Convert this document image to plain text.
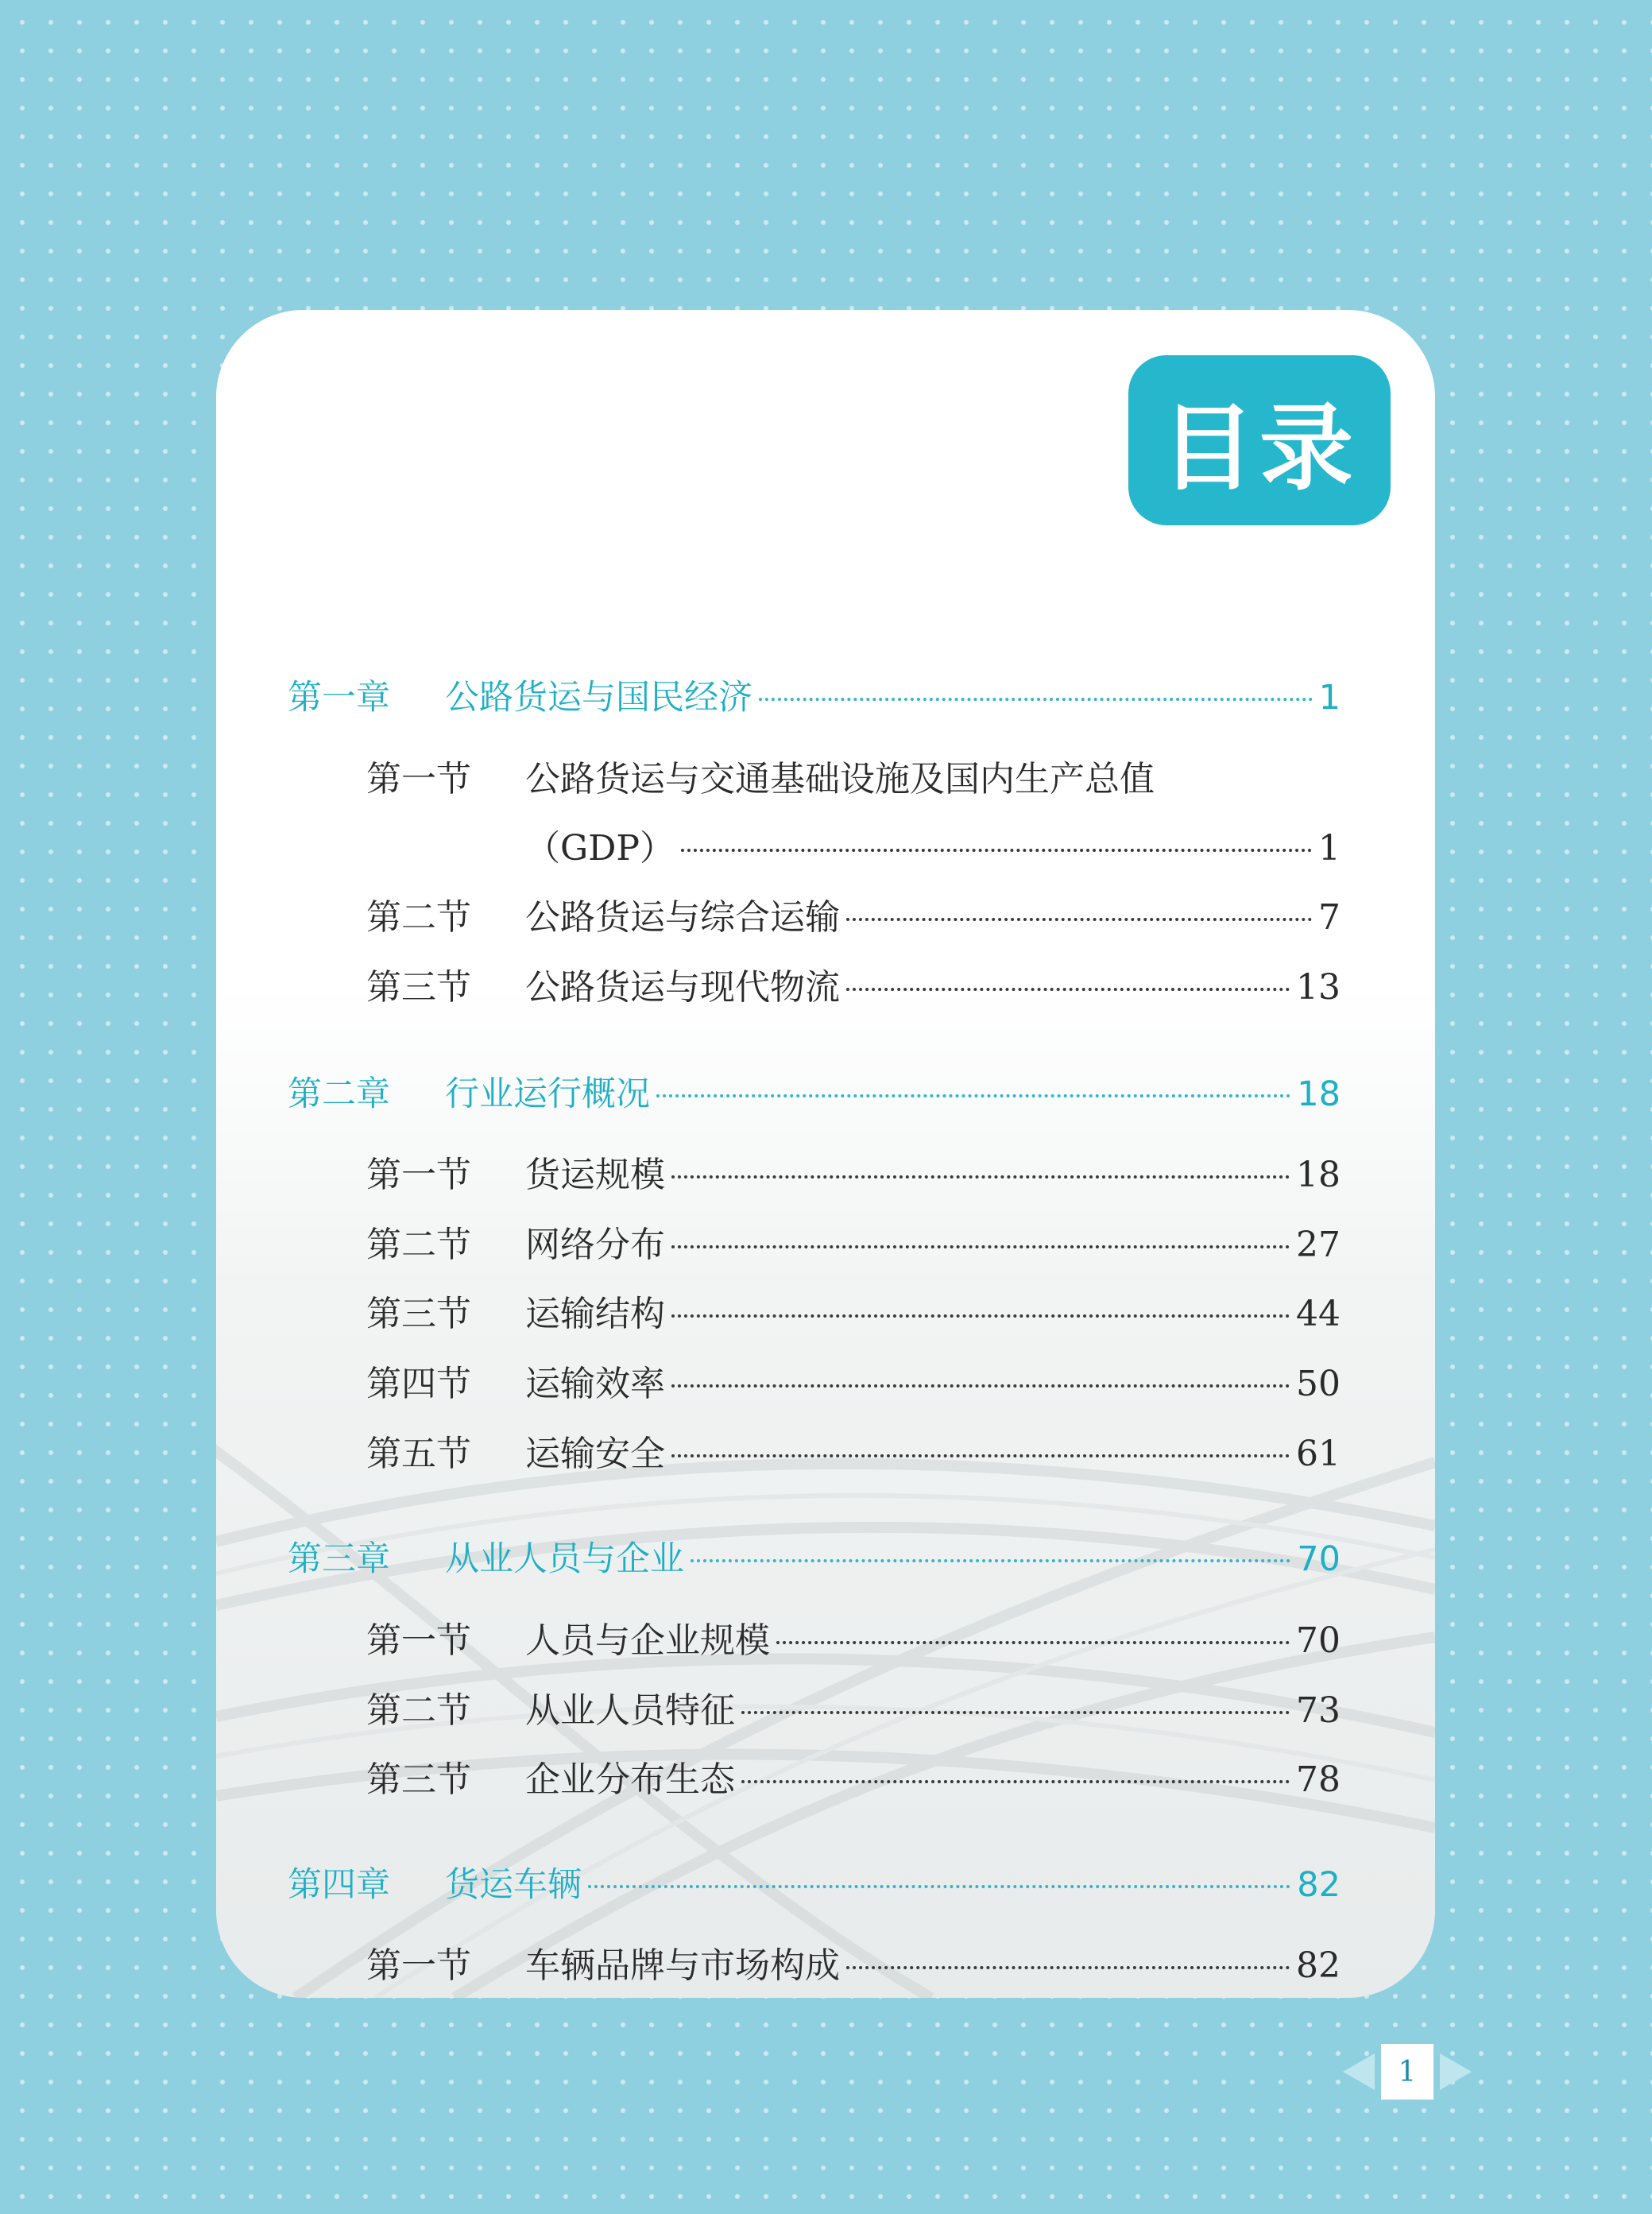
目录
第一章	公路货运与国民经济	1
第一节	公路货运与交通基础设施及国内生产总值
（GDP）	1
第二节	公路货运与综合运输	7
第三节	公路货运与现代物流	13
第二章	行业运行概况	18
第一节	货运规模	18
第二节	网络分布	27
第三节	运输结构	44
第四节	运输效率	50
第五节	运输安全	61
第三章	从业人员与企业	70
第一节	人员与企业规模	70
第二节	从业人员特征	73
第三节	企业分布生态	78
第四章	货运车辆	82
第一节	车辆品牌与市场构成	82
1
